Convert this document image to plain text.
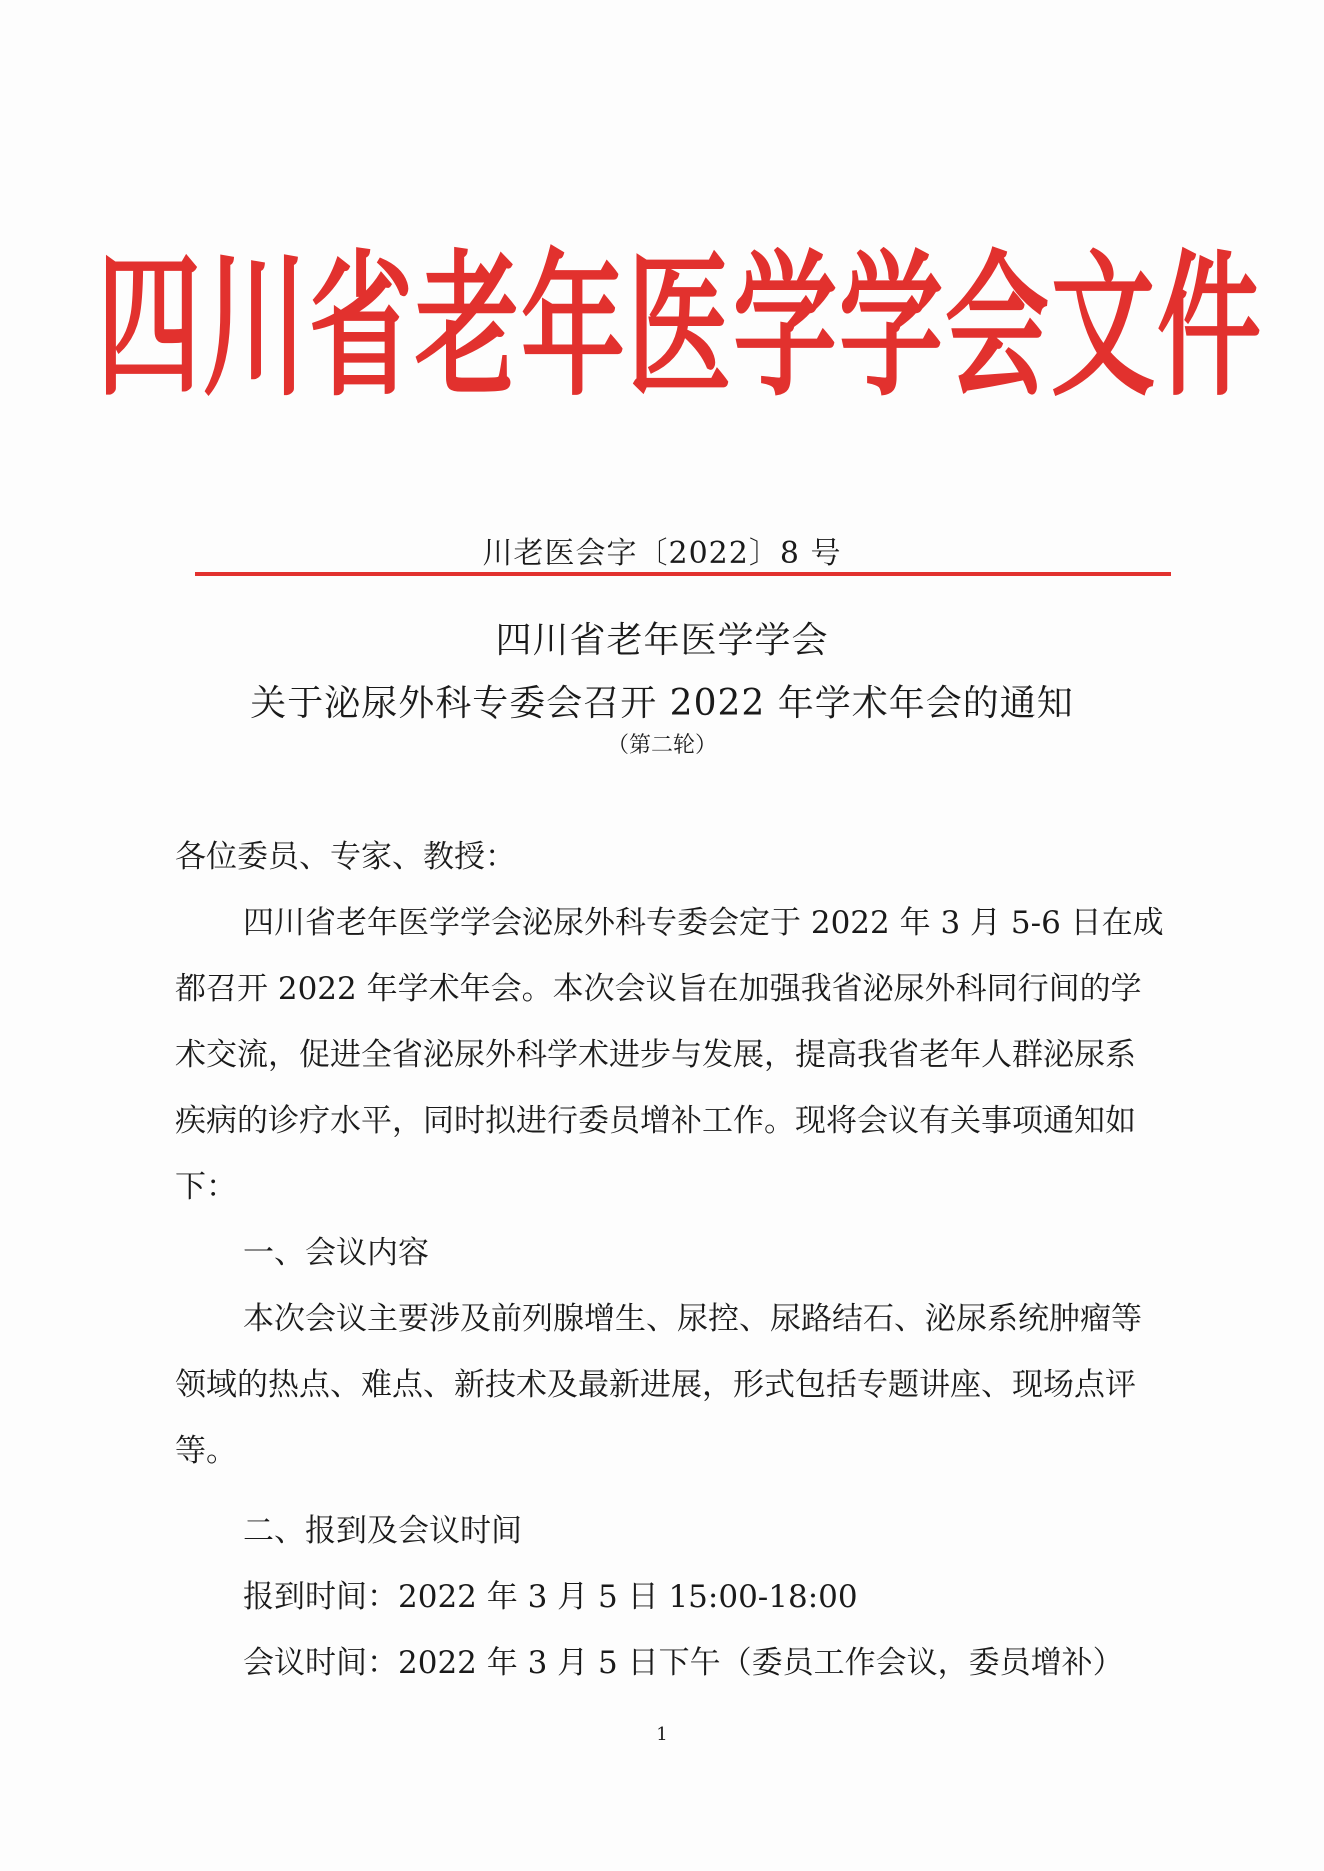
四川省老年医学学会文件
川老医会字〔2022〕8 号
四川省老年医学学会
关于泌尿外科专委会召开 2022 年学术年会的通知
（第二轮）
各位委员、专家、教授：
四川省老年医学学会泌尿外科专委会定于 2022 年 3 月 5-6 日在成
都召开 2022 年学术年会。本次会议旨在加强我省泌尿外科同行间的学
术交流，促进全省泌尿外科学术进步与发展，提高我省老年人群泌尿系
疾病的诊疗水平，同时拟进行委员增补工作。现将会议有关事项通知如
下：
一、会议内容
本次会议主要涉及前列腺增生、尿控、尿路结石、泌尿系统肿瘤等
领域的热点、难点、新技术及最新进展，形式包括专题讲座、现场点评
等。
二、报到及会议时间
报到时间：2022 年 3 月 5 日 15:00-18:00
会议时间：2022 年 3 月 5 日下午（委员工作会议，委员增补）
1
